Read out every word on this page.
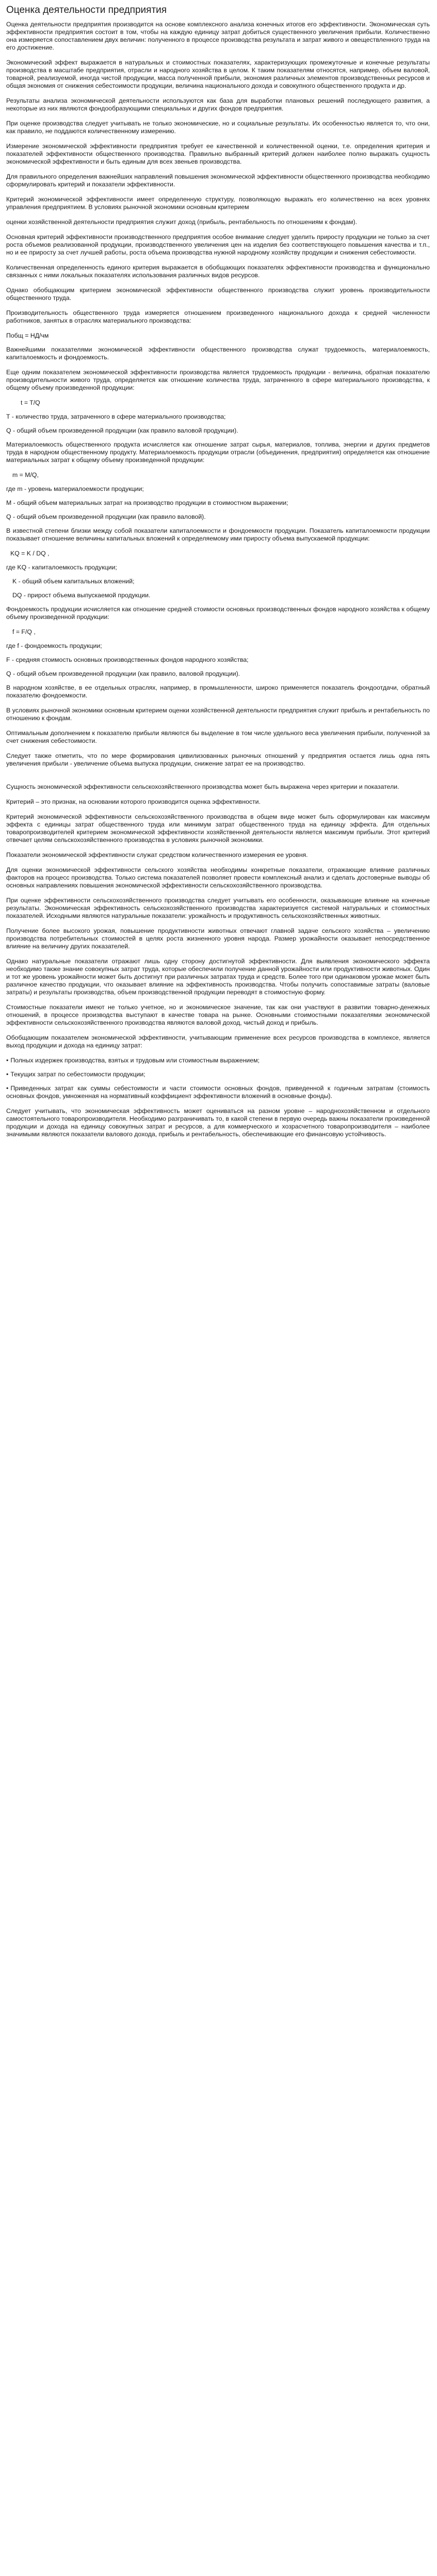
Оценка деятельности предприятия

Оценка деятельности предприятия производится на основе комплексного анализа конечных итогов его эффективности. Экономическая суть эффективности предприятия состоит в том, чтобы на каждую единицу затрат добиться существенного увеличения прибыли. Количественно она измеряется сопоставлением двух величин: полученного в процессе производства результата и затрат живого и овеществленного труда на его достижение.

Экономический эффект выражается в натуральных и стоимостных показателях, характеризующих промежуточные и конечные результаты производства в масштабе предприятия, отрасли и народного хозяйства в целом. К таким показателям относятся, например, объем валовой, товарной, реализуемой, иногда чистой продукции, масса полученной прибыли, экономия различных элементов производственных ресурсов и общая экономия от снижения себестоимости продукции, величина национального дохода и совокупного общественного продукта и др.

Результаты анализа экономической деятельности используются как база для выработки плановых решений последующего развития, а некоторые из них являются фондообразующими специальных и других фондов предприятия.

При оценке производства следует учитывать не только экономические, но и социальные результаты. Их особенностью является то, что они, как правило, не поддаются количественному измерению.

Измерение экономической эффективности предприятия требует ее качественной и количественной оценки, т.е. определения критерия и показателей эффективности общественного производства. Правильно выбранный критерий должен наиболее полно выражать сущность экономической эффективности и быть единым для всех звеньев производства.

Для правильного определения важнейших направлений повышения экономической эффективности общественного производства необходимо сформулировать критерий и показатели эффективности.

Критерий экономической эффективности имеет определенную структуру, позволяющую выражать его количественно на всех уровнях управления предприятием. В условиях рыночной экономики основным критерием

оценки хозяйственной деятельности предприятия служит доход (прибыль, рентабельность по отношениям к фондам).

Основная критерий эффективности производственного предприятия особое внимание следует уделить приросту продукции не только за счет роста объемов реализованной продукции, производственного увеличения цен на изделия без соответствующего повышения качества и т.п., но и ее приросту за счет лучшей работы, роста объема производства нужной народному хозяйству продукции и снижения себестоимости.

Количественная определенность единого критерия выражается в обобщающих показателях эффективности производства и функционально связанных с ними локальных показателях использования различных видов ресурсов.

Однако обобщающим критерием экономической эффективности общественного производства служит уровень производительности общественного труда.

Производительность общественного труда измеряется отношением произведенного национального дохода к средней численности работников, занятых в отраслях материального производства:

Побщ = НД/чм

Важнейшими показателями экономической эффективности общественного производства служат трудоемкость, материалоемкость, капиталоемкость и фондоемкость.

Еще одним показателем экономической эффективности производства является трудоемкость продукции - величина, обратная показателю производительности живого труда, определяется как отношение количества труда, затраченного в сфере материального производства, к общему объему произведенной продукции:

t = T/Q

T - количество труда, затраченного в сфере материального производства;

Q - общий объем произведенной продукции (как правило валовой продукции).

Материалоемкость общественного продукта исчисляется как отношение затрат сырья, материалов, топлива, энергии и других предметов труда в народном общественному продукту. Материалоемкость продукции отрасли (объединения, предприятия) определяется как отношение материальных затрат к общему объему произведенной продукции:

m = M/Q,

где m - уровень материалоемкости продукции;

M - общий объем материальных затрат на производство продукции в стоимостном выражении;

Q - общий объем произведенной продукции (как правило валовой).

В известной степени близки между собой показатели капиталоемкости и фондоемкости продукции. Показатель капиталоемкости продукции показывает отношение величины капитальных вложений к определяемому ими приросту объема выпускаемой продукции:

KQ = K / DQ ,

где KQ - капиталоемкость продукции;

K - общий объем капитальных вложений;

DQ - прирост объема выпускаемой продукции.

Фондоемкость продукции исчисляется как отношение средней стоимости основных производственных фондов народного хозяйства к общему объему произведенной продукции:

f = F/Q ,

где f - фондоемкость продукции;

F - средняя стоимость основных производственных фондов народного хозяйства;

Q - общий объем произведенной продукции (как правило, валовой продукции).

В народном хозяйстве, в ее отдельных отраслях, например, в промышленности, широко применяется показатель фондоотдачи, обратный показателю фондоемкости.

В условиях рыночной экономики основным критерием оценки хозяйственной деятельности предприятия служит прибыль и рентабельность по отношению к фондам.

Оптимальным дополнением к показателю прибыли являются бы выделение в том числе удельного веса увеличения прибыли, полученной за счет снижения себестоимости.

Следует также отметить, что по мере формирования цивилизованных рыночных отношений у предприятия остается лишь одна пять увеличения прибыли - увеличение объема выпуска продукции, снижение затрат ее на производство.

Сущность экономической эффективности сельскохозяйственного производства может быть выражена через критерии и показатели.

Критерий – это признак, на основании которого производится оценка эффективности.

Критерий экономической эффективности сельскохозяйственного производства в общем виде может быть сформулирован как максимум эффекта с единицы затрат общественного труда или минимум затрат общественного труда на единицу эффекта. Для отдельных товаропроизводителей критерием экономической эффективности хозяйственной деятельности является максимум прибыли. Этот критерий отвечает целям сельскохозяйственного производства в условиях рыночной экономики.

Показатели экономической эффективности служат средством количественного измерения ее уровня.

Для оценки экономической эффективности сельского хозяйства необходимы конкретные показатели, отражающие влияние различных факторов на процесс производства. Только система показателей позволяет провести комплексный анализ и сделать достоверные выводы об основных направлениях повышения экономической эффективности сельскохозяйственного производства.

При оценке эффективности сельскохозяйственного производства следует учитывать его особенности, оказывающие влияние на конечные результаты. Экономическая эффективность сельскохозяйственного производства характеризуется системой натуральных и стоимостных показателей. Исходными являются натуральные показатели: урожайность и продуктивность сельскохозяйственных животных.

Получение более высокого урожая, повышение продуктивности животных отвечают главной задаче сельского хозяйства – увеличению производства потребительных стоимостей в целях роста жизненного уровня народа. Размер урожайности оказывает непосредственное влияние на величину других показателей.

Однако натуральные показатели отражают лишь одну сторону достигнутой эффективности. Для выявления экономического эффекта необходимо также знание совокупных затрат труда, которые обеспечили получение данной урожайности или продуктивности животных. Один и тот же уровень урожайности может быть достигнут при различных затратах труда и средств. Более того при одинаковом урожае может быть различное качество продукции, что оказывает влияние на эффективность производства. Чтобы получить сопоставимые затраты (валовые затраты) и результаты производства, объем производственной продукции переводят в стоимостную форму.

Стоимостные показатели имеют не только учетное, но и экономическое значение, так как они участвуют в развитии товарно-денежных отношений, в процессе производства выступают в качестве товара на рынке. Основными стоимостными показателями экономической эффективности сельскохозяйственного производства являются валовой доход, чистый доход и прибыль.

Обобщающим показателем экономической эффективности, учитывающим применение всех ресурсов производства в комплексе, является выход продукции и дохода на единицу затрат:

• Полных издержек производства, взятых и трудовым или стоимостным выражением;
• Текущих затрат по себестоимости продукции;
• Приведенных затрат как суммы себестоимости и части стоимости основных фондов, приведенной к годичным затратам (стоимость основных фондов, умноженная на нормативный коэффициент эффективности вложений в основные фонды).

Следует учитывать, что экономическая эффективность может оцениваться на разном уровне – народнохозяйственном и отдельного самостоятельного товаропроизводителя. Необходимо разграничивать то, в какой степени в первую очередь важны показатели произведенной продукции и дохода на единицу совокупных затрат и ресурсов, а для коммерческого и хозрасчетного товаропроизводителя – наиболее значимыми являются показатели валового дохода, прибыль и рентабельность, обеспечивающие его финансовую устойчивость.
